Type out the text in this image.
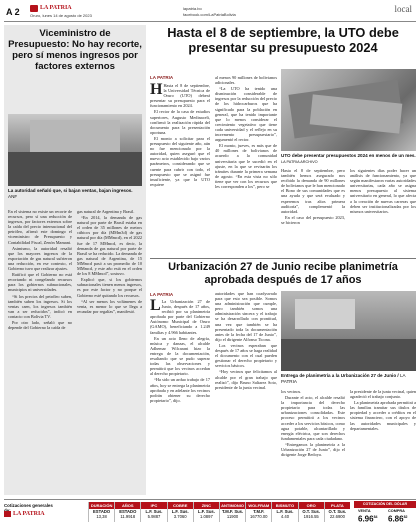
A 2	LA PATRIA
Oruro, lunes 14 de agosto de 2023
lapatria.bo
facebook.com/LaPatriaBolivia
local
Viceministro de Presupuesto: No hay recorte, pero sí menos ingresos por factores externos
La autoridad señaló que, si bajan ventas, bajan ingresos. ANF

En el sistema no existe un recorte de recursos, pero sí una reducción de ingresos, por factores externos sobre la caída del precio internacional del petróleo, afirmó este domingo el viceministro de Presupuesto y Contabilidad Fiscal, Zenón Mamani.

Asimismo, la autoridad resaltó que los mayores ingresos de la exportación de gas natural sufrieron una reducción, en ese contexto, el Gobierno tuvo que realizar ajustes.

Ratificó que el Gobierno no está recortando ni congelando recursos para los gobiernos subnacionales, municipios ni universidades.

“Si los precios del petróleo suben, también suben los ingresos. Si los ventas caen, los ingresos también van a ser reducidos”, indicó en contacto con Bolivia TV.

Por otro lado, señaló que no depende del Gobierno la caída de

gas natural de Argentina y Brasil.

“En 2014, la demanda de gas natural por parte de Brasil estaba en el orden de 35 millones de metros cúbicos por día (MMm3d) de gas natural por día (MMmcd), en el 2022 fue de 17 MMmcd, es decir, la demanda de gas natural por parte de Brasil se ha reducido. La demanda de gas natural de Argentina, de 15 MMmcd pasó a un promedio de 10 MMmcd, y este año está en el orden de los 8 MMmcd”, sostuvo.

Explicó que, si los gobiernos subnacionales tienen menos ingresos, es por este factor y no porque el Gobierno esté quitando los recursos.

“Al ser menos los volúmenes de venta, es menor lo que se llega a recaudar por regalías”, manifestó.

Hasta el 8 de septiembre, la UTO debe presentar su presupuesto 2024
LA PATRIA

H Hasta el 8 de septiembre, la Universidad Técnica de Oruro (UTO) deberá presentar su presupuesto para el funcionamiento en 2024.

El rector de la casa de estudios superiores, Augusto Medinaceli, confirmó la realización rápida del documento para la presentación oportuna.

El monto a solicitar para el presupuesto del siguiente año, aún no fue mencionado por la autoridad, quien aseguró que el nuevo acto establecido bajo varios parámetros, considerando que se cuente para cubrir con todo, el presupuesto que se asignó fue insuficiente, ya que la UTO requiere

al menos 90 millones de bolivianos adicionales.

“La UTO ha tenido una disminución considerable de ingresos por la reducción del precio de los hidrocarburos que ha significado para la población en general, que ha tenido importante que lo menos considerar el crecimiento vegetativo que tiene cada universidad y el reflejo en su incremento presupuestario”, argumentó el rector.

El monto, jueves, es más que de 40 millones de bolivianos de acuerdo a la comunidad universitaria que le sucedió en el ajuste, en la que se revisarán los trámites durante la primera semana de agosto. “En esta vista no sólo tiene que ver con los recursos que les corresponden a los”, pero se

UTO debe presentar presupuestos 2024 en menos de un mes. LA PATRIA ARCHIVO

Hasta el 8 de septiembre, pero también hemos asegurado nos recibido la demanda de 90 millones de bolivianos que le han mencionado el Bono de sus comunidades que es una ayuda y que será evaluado y esperemos tras altos primera auditoría”, complementó la autoridad.

En el caso del presupuesto 2023, se hicieron

los siguientes días poder hacer un análisis de funcionamiento, ya que según manifestaron varias autoridades universitarias, cada año se asigna menos presupuesto al sistema universitario en general, lo que afecta a la creación de nuevas carreras que deben ser institucionalizadas por los mismos universitarios.

Urbanización 27 de Junio recibe planimetría aprobada después de 17 años
LA PATRIA

L La Urbanización 27 de Junio, después de 17 años, recibió por su planimetría aprobada por parte del Gobierno Autónomo Municipal de Oruro (GAMO), beneficiando a 1.249 familias y 4.966 habitantes.

En un acto lleno de alegría, música y danzas, el alcalde Adhemar Wilcarani hizo la entrega de la documentación, resaltando que se pudo superar todas las observaciones y permitirá que los vecinos accedan al derecho propietario.

“Ha sido un arduo trabajo de 17 años, hoy se entrega la planimetría aprobada y en adelante los vecinos podrán obtener su derecho propietario”, dijo.

autoridades que han coadyuvado para que esto sea posible. Somos una administración que cumple, pero también somos una administración sincera y el trabajo se ha desarrollado con prontitud, una vez que también se ha presentado toda la documentación antes de la fecha del 17 de Junio”, dijo el dirigente Alfonso Ticona.

Los vecinos esperaban que después de 17 años se haga realidad el documento con el cual pueden gestionar el derecho propietario y servicios básicos.

“Hoy vecinos que felicitamos al alcalde por el gran trabajo que realizó”, dijo Bruno Saltarez Soto, presidente de la junta vecinal.

Entrega de planimetría a la Urbanización 27 de Junio / LA PATRIA

los vecinos.

Durante el acto, el alcalde resaltó la importancia del derecho propietario para todas las urbanizaciones consolidadas. Este proceso permitirá a los vecinos acceder a los servicios básicos, como agua potable, alcantarillado y energía eléctrica, que son derechos fundamentales para cada ciudadano.

“Entregamos la planimetría a la Urbanización 27 de Junio”, dijo el dirigente Jorge Bedoya.

la presidente de la junta vecinal, quien agradeció el trabajo conjunto.

La planimetría aprobada permitirá a las familias tramitar sus títulos de propiedad y acceder a créditos en el sistema financiero, con el apoyo de las autoridades municipales y departamentales.

Cotizaciones generales
LA PATRIA
DURACIÓN
ESTADO
13,38
AÑOS
ESTADO
11.9918
IPC
L.F. Sus.
5.9887
COBRE
L.F. Sus.
3.7060
ZINC
L.F. Sus.
1.0897
ANTIMONIO
T.M.F. Sus.
11900
WOLFRAM
T.M.F.
16770.00
BISMUTO
L.F. Sus.
4.40
ORO
O.T. Sus.
1916.55
PLATA
O.T. Sus.
22.6900
COTIZACIÓN DEL DÓLAR
VENTA	COMPRA
6.96$^{84}$ 6.86$^{82}$
